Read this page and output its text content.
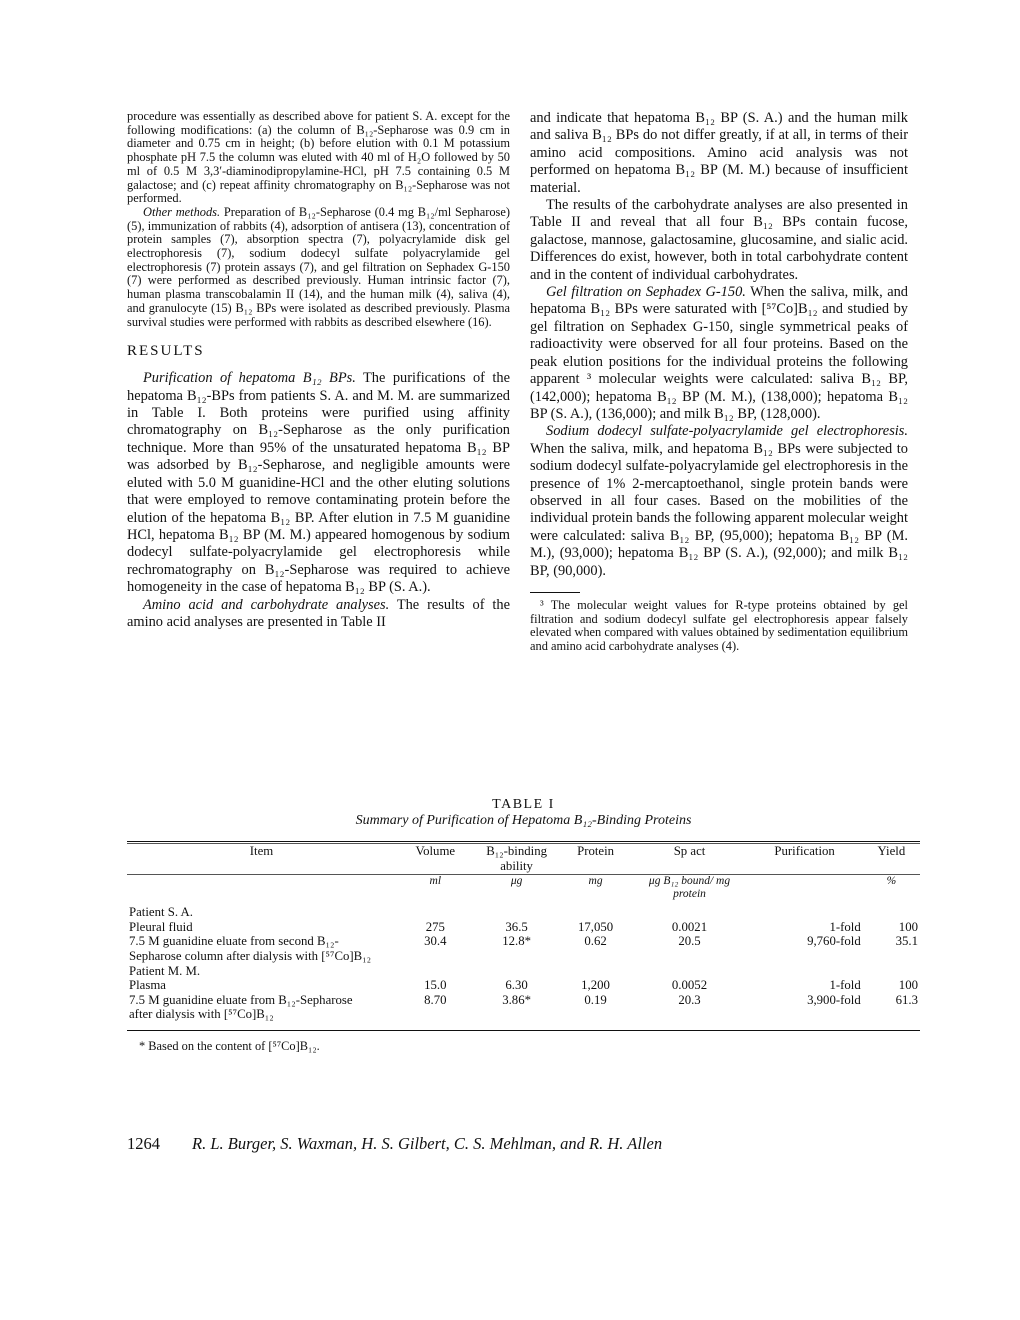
procedure was essentially as described above for patient S. A. except for the following modifications: (a) the column of B₁₂-Sepharose was 0.9 cm in diameter and 0.75 cm in height; (b) before elution with 0.1 M potassium phosphate pH 7.5 the column was eluted with 40 ml of H₂O followed by 50 ml of 0.5 M 3,3′-diaminodipropylamine-HCl, pH 7.5 containing 0.5 M galactose; and (c) repeat affinity chromatography on B₁₂-Sepharose was not performed.

Other methods. Preparation of B₁₂-Sepharose (0.4 mg B₁₂/ml Sepharose) (5), immunization of rabbits (4), adsorption of antisera (13), concentration of protein samples (7), absorption spectra (7), polyacrylamide disk gel electrophoresis (7), sodium dodecyl sulfate polyacrylamide gel electrophoresis (7) protein assays (7), and gel filtration on Sephadex G-150 (7) were performed as described previously. Human intrinsic factor (7), human plasma transcobalamin II (14), and the human milk (4), saliva (4), and granulocyte (15) B₁₂ BPs were isolated as described previously. Plasma survival studies were performed with rabbits as described elsewhere (16).

RESULTS

Purification of hepatoma B₁₂ BPs. The purifications of the hepatoma B₁₂-BPs from patients S. A. and M. M. are summarized in Table I. Both proteins were purified using affinity chromatography on B₁₂-Sepharose as the only purification technique. More than 95% of the unsaturated hepatoma B₁₂ BP was adsorbed by B₁₂-Sepharose, and negligible amounts were eluted with 5.0 M guanidine-HCl and the other eluting solutions that were employed to remove contaminating protein before the elution of the hepatoma B₁₂ BP. After elution in 7.5 M guanidine HCl, hepatoma B₁₂ BP (M. M.) appeared homogenous by sodium dodecyl sulfate-polyacrylamide gel electrophoresis while rechromatography on B₁₂-Sepharose was required to achieve homogeneity in the case of hepatoma B₁₂ BP (S. A.).

Amino acid and carbohydrate analyses. The results of the amino acid analyses are presented in Table II

and indicate that hepatoma B₁₂ BP (S. A.) and the human milk and saliva B₁₂ BPs do not differ greatly, if at all, in terms of their amino acid compositions. Amino acid analysis was not performed on hepatoma B₁₂ BP (M. M.) because of insufficient material.

The results of the carbohydrate analyses are also presented in Table II and reveal that all four B₁₂ BPs contain fucose, galactose, mannose, galactosamine, glucosamine, and sialic acid. Differences do exist, however, both in total carbohydrate content and in the content of individual carbohydrates.

Gel filtration on Sephadex G-150. When the saliva, milk, and hepatoma B₁₂ BPs were saturated with [⁵⁷Co]B₁₂ and studied by gel filtration on Sephadex G-150, single symmetrical peaks of radioactivity were observed for all four proteins. Based on the peak elution positions for the individual proteins the following apparent ³ molecular weights were calculated: saliva B₁₂ BP, (142,000); hepatoma B₁₂ BP (M. M.), (138,000); hepatoma B₁₂ BP (S. A.), (136,000); and milk B₁₂ BP, (128,000).

Sodium dodecyl sulfate-polyacrylamide gel electrophoresis. When the saliva, milk, and hepatoma B₁₂ BPs were subjected to sodium dodecyl sulfate-polyacrylamide gel electrophoresis in the presence of 1% 2-mercaptoethanol, single protein bands were observed in all four cases. Based on the mobilities of the individual protein bands the following apparent molecular weight were calculated: saliva B₁₂ BP, (95,000); hepatoma B₁₂ BP (M. M.), (93,000); hepatoma B₁₂ BP (S. A.), (92,000); and milk B₁₂ BP, (90,000).

³ The molecular weight values for R-type proteins obtained by gel filtration and sodium dodecyl sulfate gel electrophoresis appear falsely elevated when compared with values obtained by sedimentation equilibrium and amino acid carbohydrate analyses (4).

TABLE I
Summary of Purification of Hepatoma B₁₂-Binding Proteins
Item	Volume	B₁₂-binding ability	Protein	Sp act	Purification	Yield

	ml	μg	mg	μg B₁₂ bound/ mg protein		%
Patient S. A.						
Pleural fluid	275	36.5	17,050	0.0021	1-fold	100
7.5 M guanidine eluate from second B₁₂-Sepharose column after dialysis with [⁵⁷Co]B₁₂	30.4	12.8*	0.62	20.5	9,760-fold	35.1
Patient M. M.						
Plasma	15.0	6.30	1,200	0.0052	1-fold	100
7.5 M guanidine eluate from B₁₂-Sepharose after dialysis with [⁵⁷Co]B₁₂	8.70	3.86*	0.19	20.3	3,900-fold	61.3
* Based on the content of [⁵⁷Co]B₁₂.
1264 R. L. Burger, S. Waxman, H. S. Gilbert, C. S. Mehlman, and R. H. Allen
